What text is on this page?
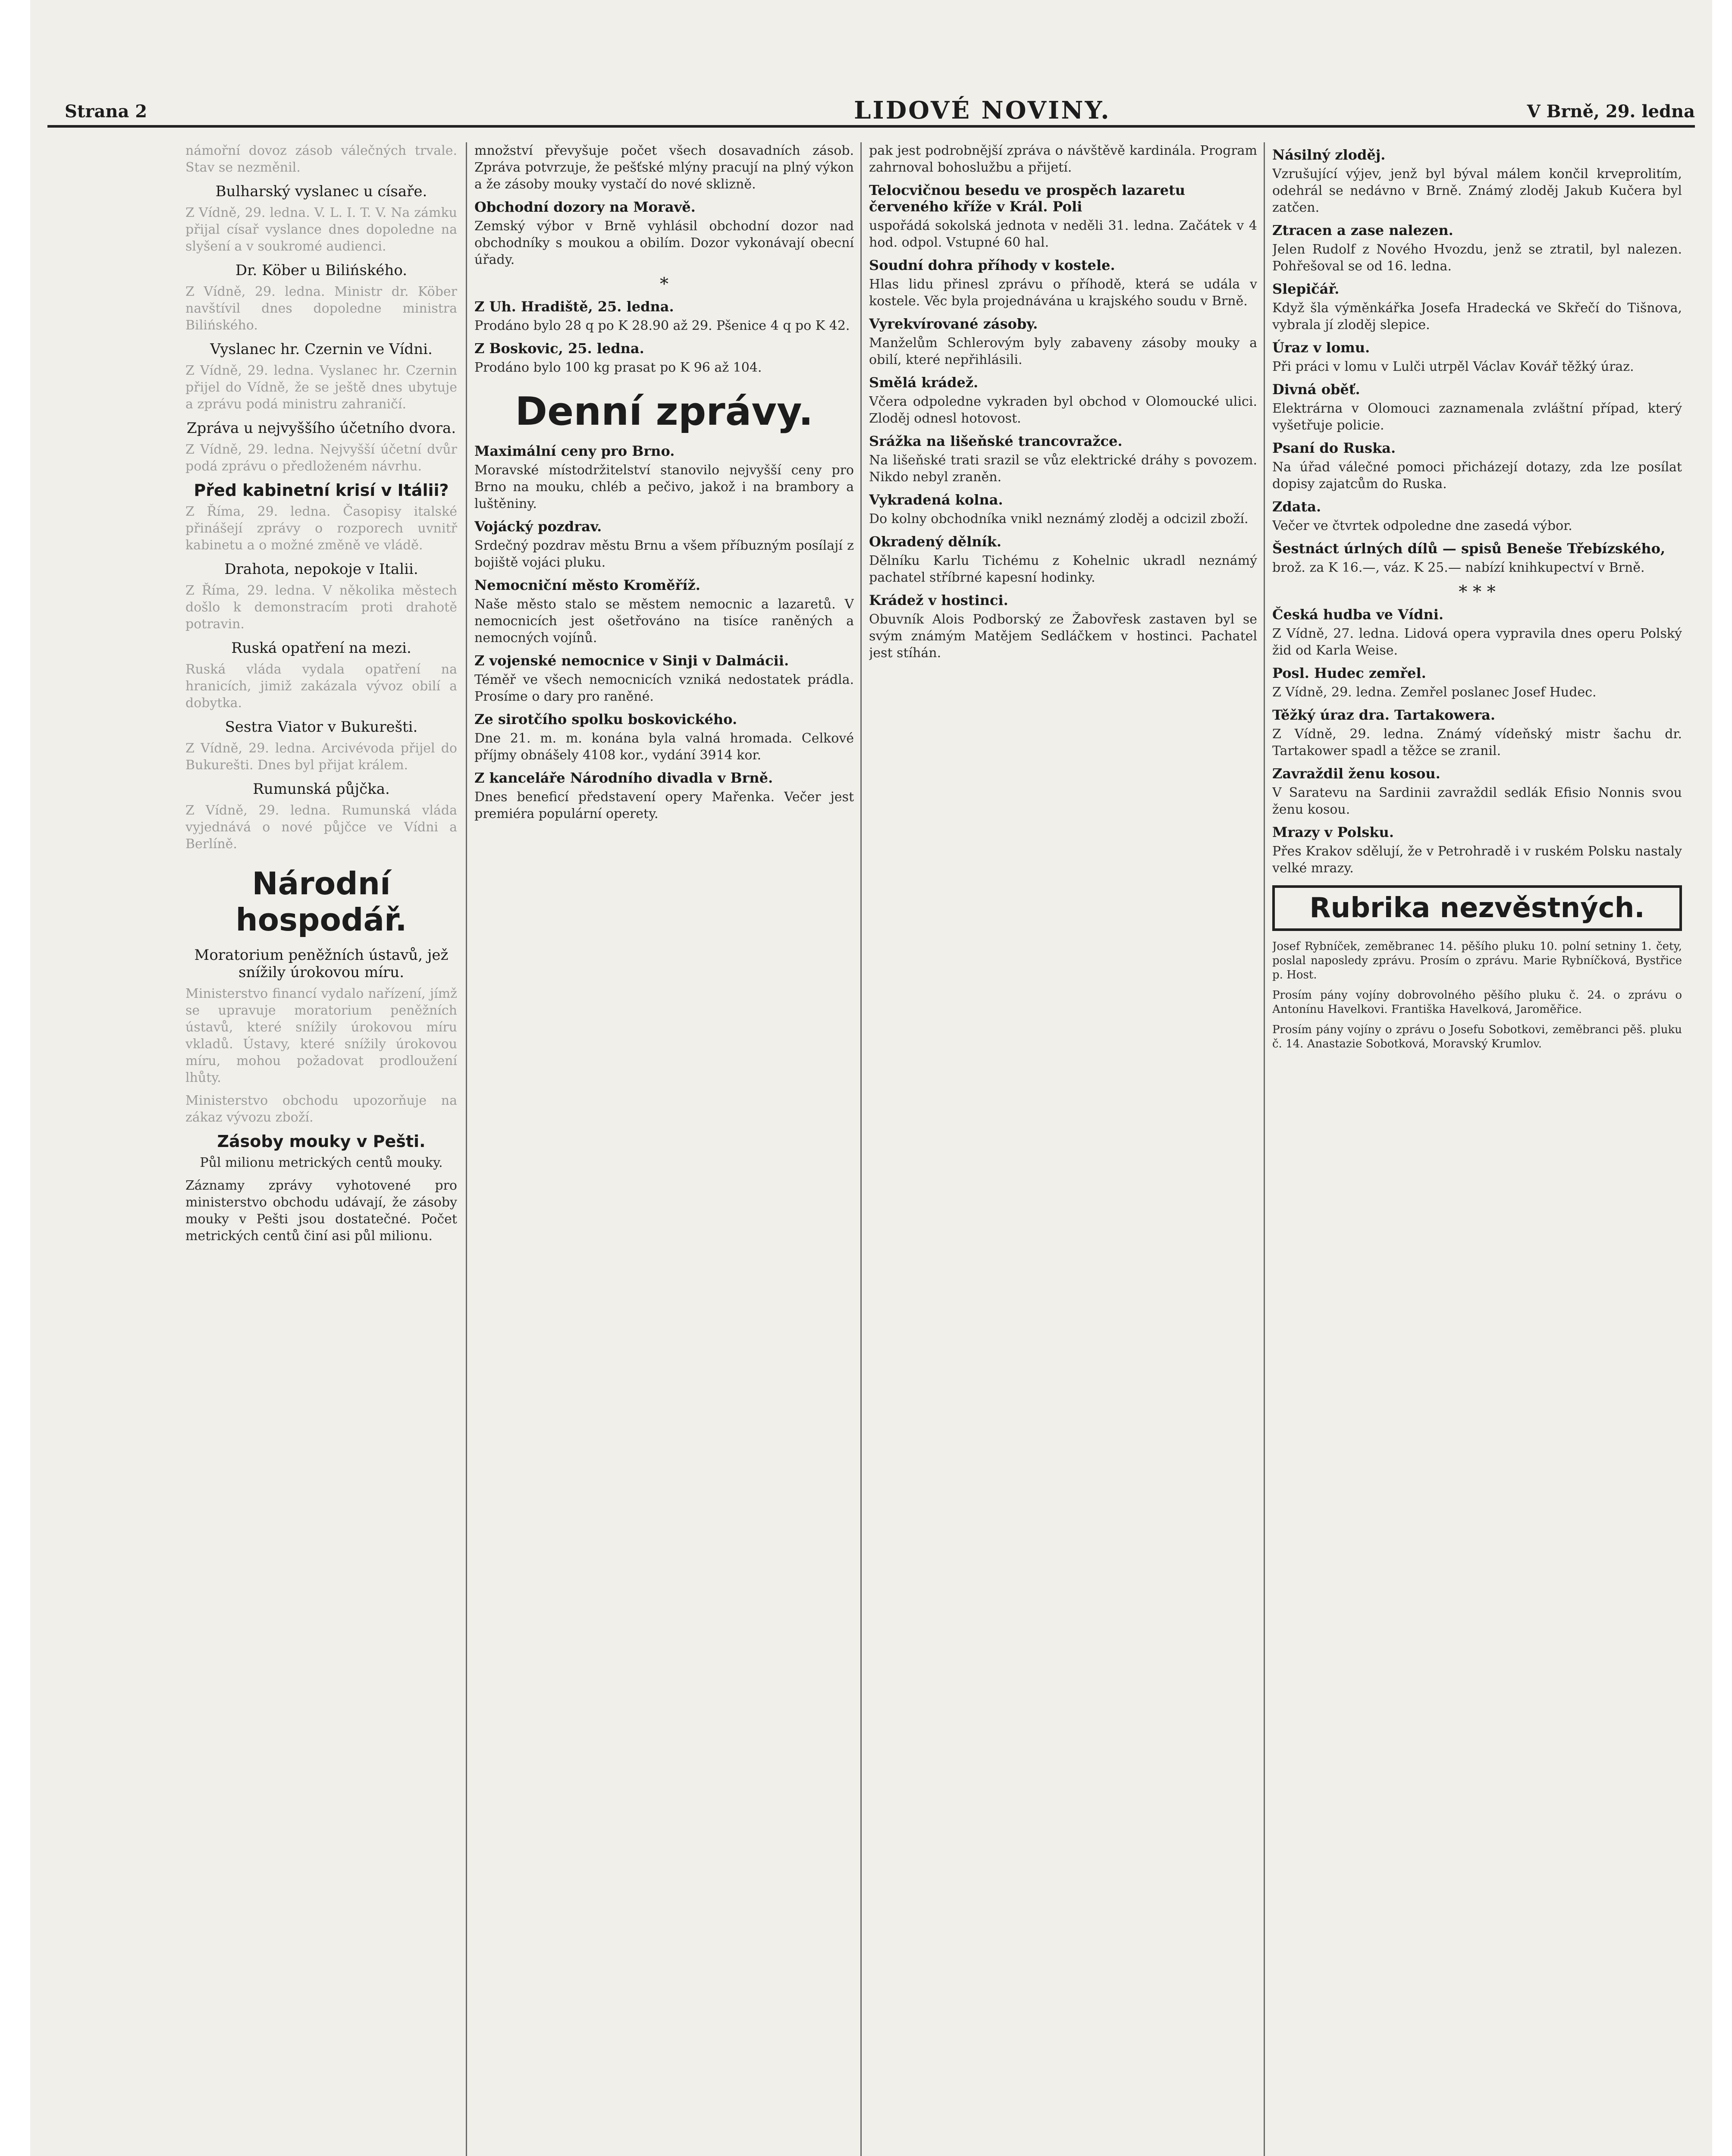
Strana 2	LIDOVÉ NOVINY.	V Brně, 29. ledna

námořní dovoz zásob válečných trvale. Stav se nezměnil.

Bulharský vyslanec u císaře.

Z Vídně, 29. ledna. V. L. I. T. V. Na zámku přijal císař vyslance dnes dopoledne na slyšení a v soukromé audienci.

Dr. Köber u Bilińského.

Z Vídně, 29. ledna. Ministr dr. Köber navštívil dnes dopoledne ministra Bilińského.

Vyslanec hr. Czernin ve Vídni.

Z Vídně, 29. ledna. Vyslanec hr. Czernin přijel do Vídně, že se ještě dnes ubytuje a zprávu podá ministru zahraničí.

Zpráva u nejvyššího účetního dvora.

Z Vídně, 29. ledna. Nejvyšší účetní dvůr podá zprávu o předloženém návrhu.

Před kabinetní krisí v Itálii?

Z Říma, 29. ledna. Časopisy italské přinášejí zprávy o rozporech uvnitř kabinetu a o možné změně ve vládě.

Drahota, nepokoje v Italii.

Z Říma, 29. ledna. V několika městech došlo k demonstracím proti drahotě potravin.

Ruská opatření na mezi.

Ruská vláda vydala opatření na hranicích, jimiž zakázala vývoz obilí a dobytka.

Sestra Viator v Bukurešti.

Z Vídně, 29. ledna. Arcivévoda přijel do Bukurešti. Dnes byl přijat králem.

Rumunská půjčka.

Z Vídně, 29. ledna. Rumunská vláda vyjednává o nové půjčce ve Vídni a Berlíně.

Národní hospodář.
Moratorium peněžních ústavů, jež snížily úrokovou míru.

Ministerstvo financí vydalo nařízení, jímž se upravuje moratorium peněžních ústavů, které snížily úrokovou míru vkladů. Ústavy, které snížily úrokovou míru, mohou požadovat prodloužení lhůty.

Ministerstvo obchodu upozorňuje na zákaz vývozu zboží.

Zásoby mouky v Pešti.

Půl milionu metrických centů mouky.

Záznamy zprávy vyhotovené pro ministerstvo obchodu udávají, že zásoby mouky v Pešti jsou dostatečné. Počet metrických centů činí asi půl milionu.

množství převyšuje počet všech dosavadních zásob. Zpráva potvrzuje, že pešťské mlýny pracují na plný výkon a že zásoby mouky vystačí do nové sklizně.

Obchodní dozory na Moravě.

Zemský výbor v Brně vyhlásil obchodní dozor nad obchodníky s moukou a obilím. Dozor vykonávají obecní úřady.

*
Z Uh. Hradiště, 25. ledna.

Prodáno bylo 28 q po K 28.90 až 29. Pšenice 4 q po K 42.

Z Boskovic, 25. ledna.

Prodáno bylo 100 kg prasat po K 96 až 104.

Denní zprávy.
Maximální ceny pro Brno.

Moravské místodržitelství stanovilo nejvyšší ceny pro Brno na mouku, chléb a pečivo, jakož i na brambory a luštěniny.

Vojácký pozdrav.

Srdečný pozdrav městu Brnu a všem příbuzným posílají z bojiště vojáci pluku.

Nemocniční město Kroměříž.

Naše město stalo se městem nemocnic a lazaretů. V nemocnicích jest ošetřováno na tisíce raněných a nemocných vojínů.

Z vojenské nemocnice v Sinji v Dalmácii.

Téměř ve všech nemocnicích vzniká nedostatek prádla. Prosíme o dary pro raněné.

Ze sirotčího spolku boskovického.

Dne 21. m. m. konána byla valná hromada. Celkové příjmy obnášely 4108 kor., vydání 3914 kor.

Z kanceláře Národního divadla v Brně.

Dnes beneficí představení opery Mařenka. Večer jest premiéra populární operety.

pak jest podrobnější zpráva o návštěvě kardinála. Program zahrnoval bohoslužbu a přijetí.

Telocvičnou besedu ve prospěch lazaretu červeného kříže v Král. Poli

uspořádá sokolská jednota v neděli 31. ledna. Začátek v 4 hod. odpol. Vstupné 60 hal.

Soudní dohra příhody v kostele.

Hlas lidu přinesl zprávu o příhodě, která se udála v kostele. Věc byla projednávána u krajského soudu v Brně.

Vyrekvírované zásoby.

Manželům Schlerovým byly zabaveny zásoby mouky a obilí, které nepřihlásili.

Smělá krádež.

Včera odpoledne vykraden byl obchod v Olomoucké ulici. Zloděj odnesl hotovost.

Srážka na lišeňské trancovražce.

Na lišeňské trati srazil se vůz elektrické dráhy s povozem. Nikdo nebyl zraněn.

Vykradená kolna.

Do kolny obchodníka vnikl neznámý zloděj a odcizil zboží.

Okradený dělník.

Dělníku Karlu Tichému z Kohelnic ukradl neznámý pachatel stříbrné kapesní hodinky.

Krádež v hostinci.

Obuvník Alois Podborský ze Žabovřesk zastaven byl se svým známým Matějem Sedláčkem v hostinci. Pachatel jest stíhán.

Násilný zloděj.

Vzrušující výjev, jenž byl býval málem končil krveprolitím, odehrál se nedávno v Brně. Známý zloděj Jakub Kučera byl zatčen.

Ztracen a zase nalezen.

Jelen Rudolf z Nového Hvozdu, jenž se ztratil, byl nalezen. Pohřešoval se od 16. ledna.

Slepičář.

Když šla výměnkářka Josefa Hradecká ve Skřečí do Tišnova, vybrala jí zloděj slepice.

Úraz v lomu.

Při práci v lomu v Lulči utrpěl Václav Kovář těžký úraz.

Divná oběť.

Elektrárna v Olomouci zaznamenala zvláštní případ, který vyšetřuje policie.

Psaní do Ruska.

Na úřad válečné pomoci přicházejí dotazy, zda lze posílat dopisy zajatcům do Ruska.

Zdata.

Večer ve čtvrtek odpoledne dne zasedá výbor.

Šestnáct úrlných dílů — spisů Beneše Třebízského,

brož. za K 16.—, váz. K 25.— nabízí knihkupectví v Brně.

* * *
Česká hudba ve Vídni.

Z Vídně, 27. ledna. Lidová opera vypravila dnes operu Polský žid od Karla Weise.

Posl. Hudec zemřel.

Z Vídně, 29. ledna. Zemřel poslanec Josef Hudec.

Těžký úraz dra. Tartakowera.

Z Vídně, 29. ledna. Známý vídeňský mistr šachu dr. Tartakower spadl a těžce se zranil.

Zavraždil ženu kosou.

V Saratevu na Sardinii zavraždil sedlák Efisio Nonnis svou ženu kosou.

Mrazy v Polsku.

Přes Krakov sdělují, že v Petrohradě i v ruském Polsku nastaly velké mrazy.

Rubrika nezvěstných.

Josef Rybníček, zeměbranec 14. pěšího pluku 10. polní setniny 1. čety, poslal naposledy zprávu. Prosím o zprávu. Marie Rybníčková, Bystřice p. Host.

Prosím pány vojíny dobrovolného pěšího pluku č. 24. o zprávu o Antonínu Havelkovi. Františka Havelková, Jaroměřice.

Prosím pány vojíny o zprávu o Josefu Sobotkovi, zeměbranci pěš. pluku č. 14. Anastazie Sobotková, Moravský Krumlov.
